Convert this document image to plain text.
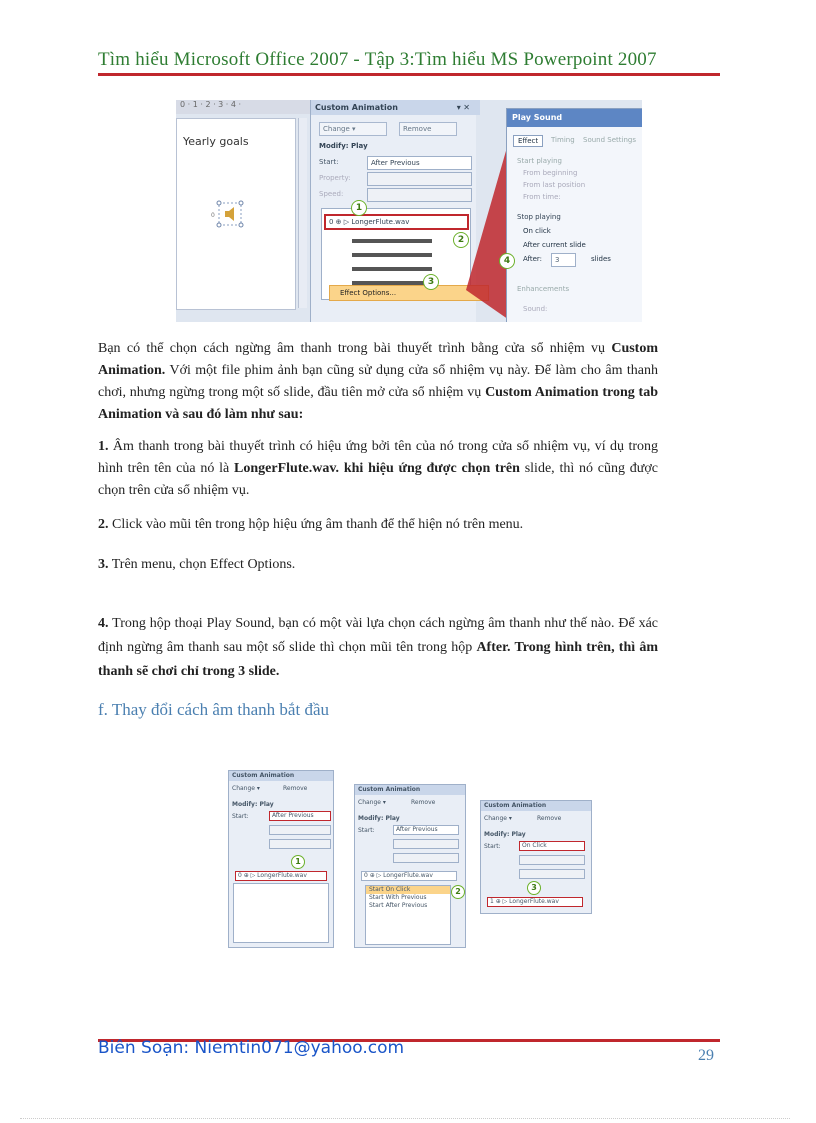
Tìm hiểu Microsoft Office 2007 - Tập 3:Tìm hiểu MS Powerpoint 2007
0 · 1 · 2 · 3 · 4 ·
Yearly goals
0
Custom Animation	▾ ✕
Change ▾	Remove
Modify: Play
Start:	After Previous
Property:
Speed:
0 ⊕ ▷ LongerFlute.wav
Effect Options...
1
2
3
Play Sound
Effect	Timing Sound Settings
Start playing
From beginning
From last position
From time:
Stop playing
On click
After current slide
After:	3	slides
Enhancements
Sound:
4
Bạn có thể chọn cách ngừng âm thanh trong bài thuyết trình bằng cửa sổ nhiệm vụ Custom Animation. Với một file phim ảnh bạn cũng sử dụng cửa sổ nhiệm vụ này. Để làm cho âm thanh chơi, nhưng ngừng trong một số slide, đầu tiên mở cửa sổ nhiệm vụ Custom Animation trong tab Animation và sau đó làm như sau:
1. Âm thanh trong bài thuyết trình có hiệu ứng bởi tên của nó trong cửa sổ nhiệm vụ, ví dụ trong hình trên tên của nó là LongerFlute.wav. khi hiệu ứng được chọn trên slide, thì nó cũng được chọn trên cửa sổ nhiệm vụ.
2. Click vào mũi tên trong hộp hiệu ứng âm thanh để thể hiện nó trên menu.
3. Trên menu, chọn Effect Options.
4. Trong hộp thoại Play Sound, bạn có một vài lựa chọn cách ngừng âm thanh như thế nào. Để xác định ngừng âm thanh sau một số slide thì chọn mũi tên trong hộp After. Trong hình trên, thì âm thanh sẽ chơi chỉ trong 3 slide.
f. Thay đổi cách âm thanh bắt đầu
Custom Animation
Change ▾	Remove
Modify: Play
Start:	After Previous
0 ⊕ ▷ LongerFlute.wav
1
Custom Animation
Change ▾	Remove
Modify: Play
Start:	After Previous
0 ⊕ ▷ LongerFlute.wav
Start On Click
Start With Previous
Start After Previous
2
Custom Animation
Change ▾	Remove
Modify: Play
Start:	On Click
1 ⊕ ▷ LongerFlute.wav
3
Biên Soạn: Niemtin071@yahoo.com	29
